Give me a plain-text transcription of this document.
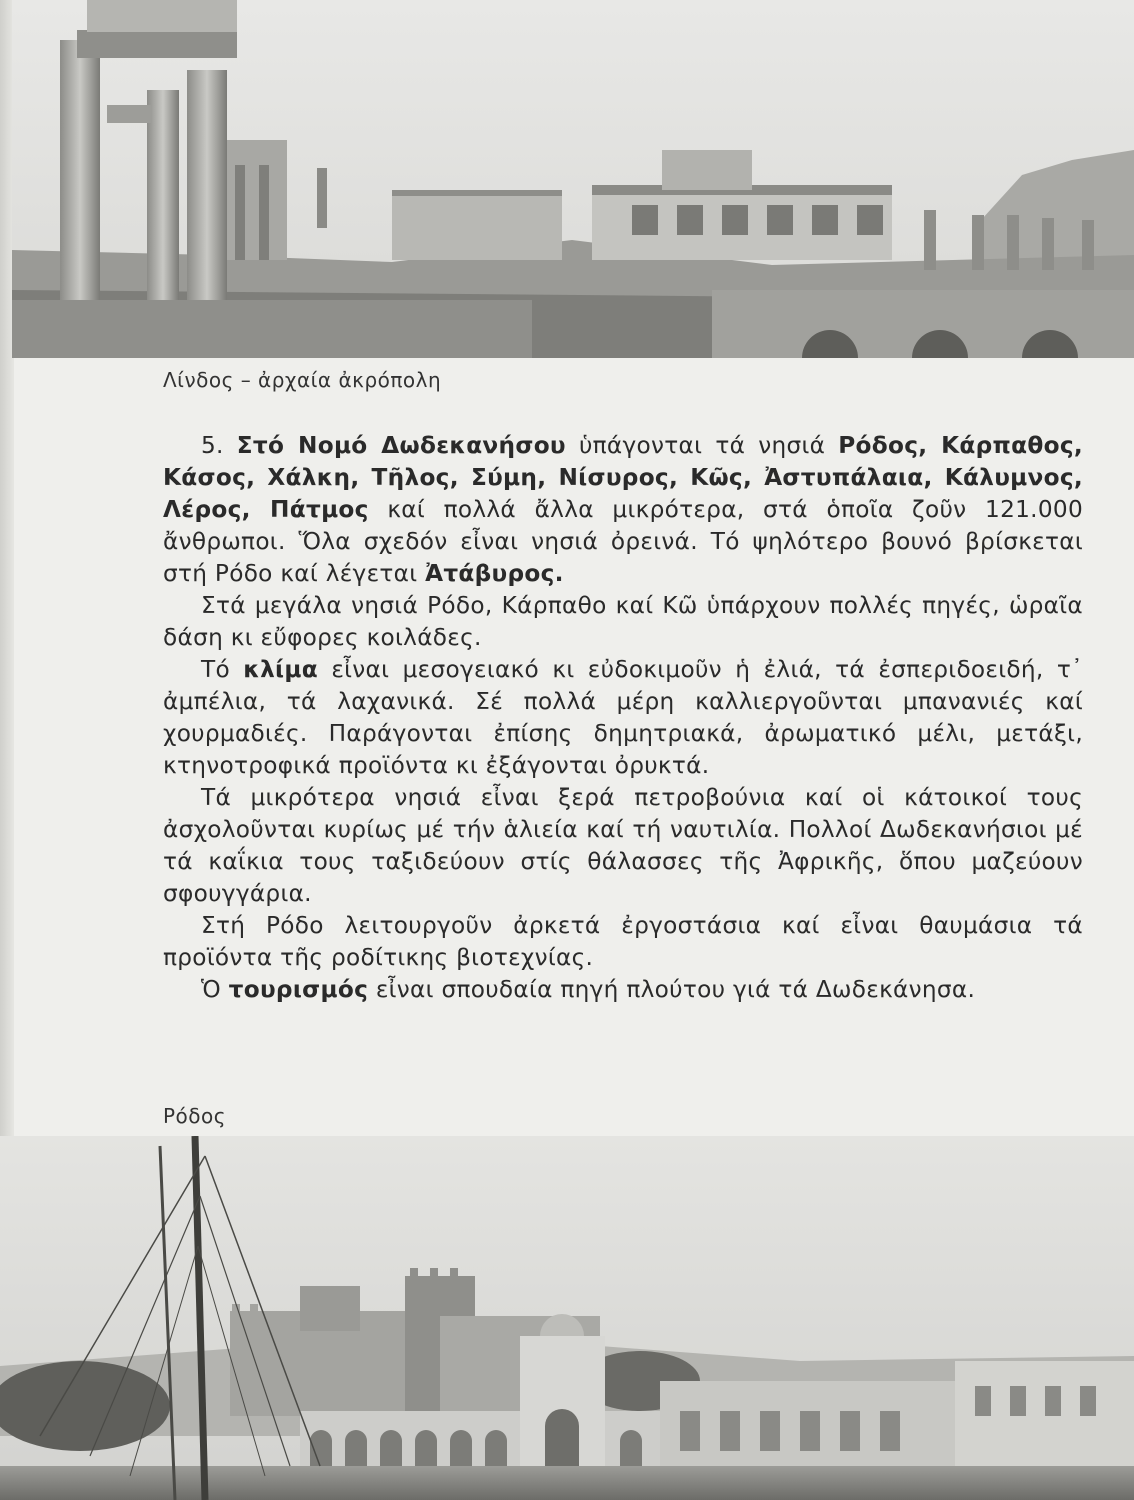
Λίνδος – ἀρχαία ἀκρόπολη

5. Στό Νομό Δωδεκανήσου ὑπάγονται τά νησιά Ρόδος, Κάρπαθος, Κάσος, Χάλκη, Τῆλος, Σύμη, Νίσυρος, Κῶς, Ἀστυπάλαια, Κάλυμνος, Λέρος, Πάτμος καί πολλά ἄλλα μικρότερα, στά ὁποῖα ζοῦν 121.000 ἄνθρωποι. Ὅλα σχεδόν εἶναι νησιά ὀρεινά. Τό ψηλότερο βουνό βρίσκεται στή Ρόδο καί λέγεται Ἀτάβυρος.

Στά μεγάλα νησιά Ρόδο, Κάρπαθο καί Κῶ ὑπάρχουν πολλές πηγές, ὡραῖα δάση κι εὔφορες κοιλάδες.

Τό κλίμα εἶναι μεσογειακό κι εὐδοκιμοῦν ἡ ἐλιά, τά ἐσπεριδοειδή, τ᾽ ἀμπέλια, τά λαχανικά. Σέ πολλά μέρη καλλιεργοῦνται μπανανιές καί χουρμαδιές. Παράγονται ἐπίσης δημητριακά, ἀρωματικό μέλι, μετάξι, κτηνοτροφικά προϊόντα κι ἐξάγονται ὀρυκτά.

Τά μικρότερα νησιά εἶναι ξερά πετροβούνια καί οἱ κάτοικοί τους ἀσχολοῦνται κυρίως μέ τήν ἁλιεία καί τή ναυτιλία. Πολλοί Δωδεκανήσιοι μέ τά καΐκια τους ταξιδεύουν στίς θάλασσες τῆς Ἀφρικῆς, ὅπου μαζεύουν σφουγγάρια.

Στή Ρόδο λειτουργοῦν ἀρκετά ἐργοστάσια καί εἶναι θαυμάσια τά προϊόντα τῆς ροδίτικης βιοτεχνίας.

Ὁ τουρισμός εἶναι σπουδαία πηγή πλούτου γιά τά Δωδεκάνησα.

Ρόδος
